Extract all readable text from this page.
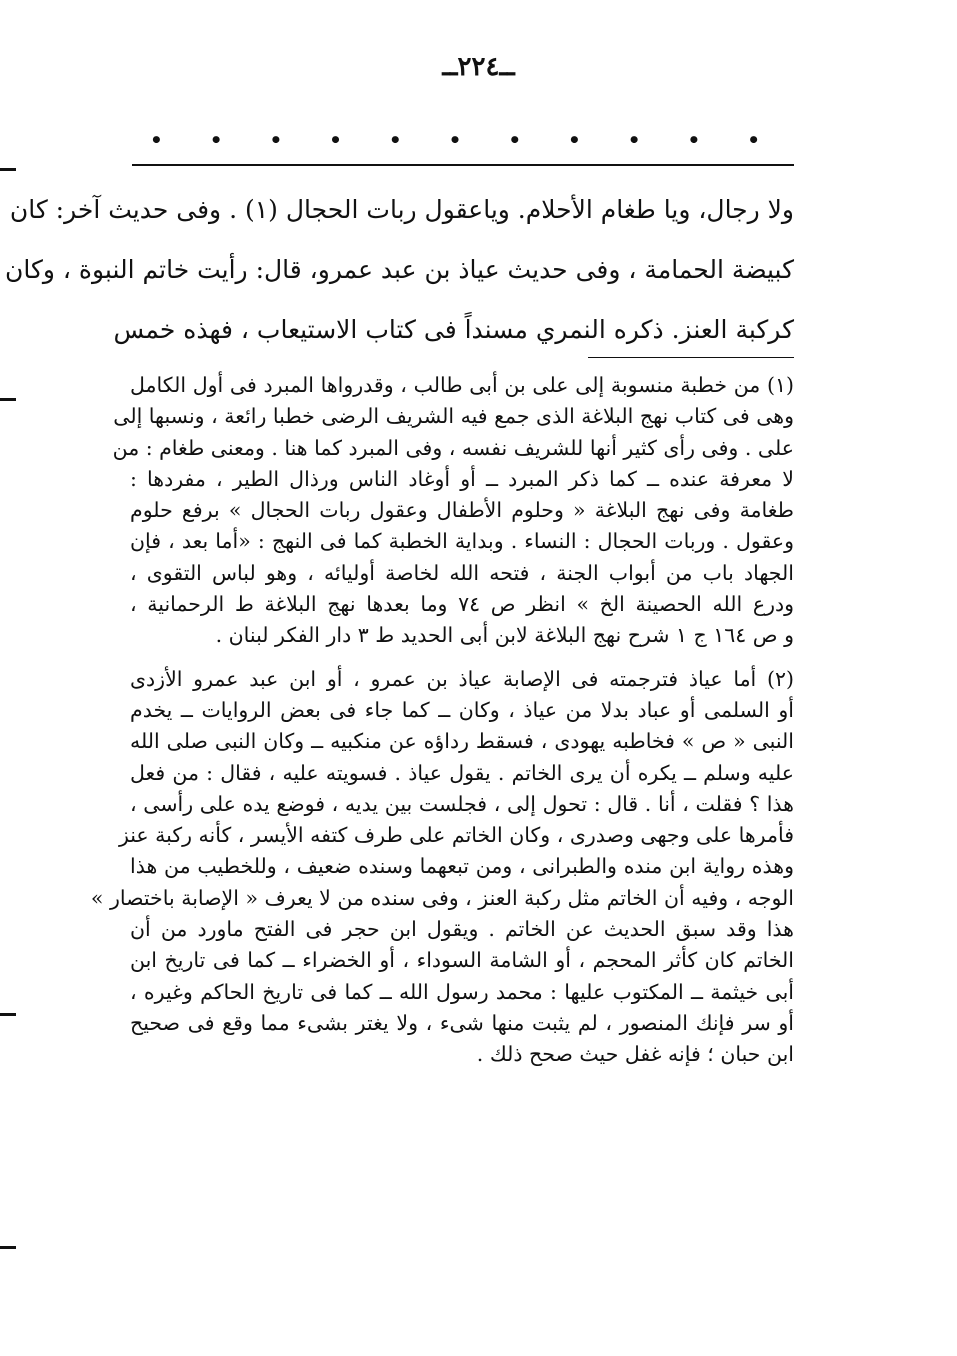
ــ٢٢٤ــ
•
•
•
•
•
•
•
•
•
•
•
ولا رجال، ويا طغام الأحلام. وياعقول ربات الحجال (١) . وفى حديث آخر: كان
كبيضة الحمامة ، وفى حديث عياذ بن عبد عمرو، قال: رأيت خاتم النبوة ، وكان
كركبة العنز. ذكره النمري مسنداً فى كتاب الاستيعاب ، فهذه خمس
(١) من خطبة منسوبة إلى على بن أبى طالب ، وقدرواها المبرد فى أول الكامل
وهى فى كتاب نهج البلاغة الذى جمع فيه الشريف الرضى خطبا رائعة ، ونسبها إلى
على . وفى رأى كثير أنها للشريف نفسه ، وفى المبرد كما هنا . ومعنى طغام : من
لا معرفة عنده ــ كما ذكر المبرد ــ أو أوغاد الناس ورذال الطير ، مفردها :
طغامة وفى نهج البلاغة « وحلوم الأطفال وعقول ربات الحجال » برفع حلوم
وعقول . وربات الحجال : النساء . وبداية الخطبة كما فى النهج : «أما بعد ، فإن
الجهاد باب من أبواب الجنة ، فتحه الله لخاصة أوليائه ، وهو لباس التقوى ،
ودرع الله الحصينة الخ » انظر ص ٧٤ وما بعدها نهج البلاغة ط الرحمانية ،
و ص ١٦٤ ج ١ شرح نهج البلاغة لابن أبى الحديد ط ٣ دار الفكر لبنان .
(٢) أما عياذ فترجمته فى الإصابة عياذ بن عمرو ، أو ابن عبد عمرو الأزدى
أو السلمى أو عباد بدلا من عياذ ، وكان ــ كما جاء فى بعض الروايات ــ يخدم
النبى « ص » فخاطبه يهودى ، فسقط رداؤه عن منكبيه ــ وكان النبى صلى الله
عليه وسلم ــ يكره أن يرى الخاتم . يقول عياذ . فسويته عليه ، فقال : من فعل
هذا ؟ فقلت ، أنا . قال : تحول إلى ، فجلست بين يديه ، فوضع يده على رأسى ،
فأمرها على وجهى وصدرى ، وكان الخاتم على طرف كتفه الأيسر ، كأنه ركبة عنز
وهذه رواية ابن منده والطبرانى ، ومن تبعهما وسنده ضعيف ، وللخطيب من هذا
الوجه ، وفيه أن الخاتم مثل ركبة العنز ، وفى سنده من لا يعرف « الإصابة باختصار »
هذا وقد سبق الحديث عن الخاتم . ويقول ابن حجر فى الفتح ماورد من أن
الخاتم كان كأثر المحجم ، أو الشامة السوداء ، أو الخضراء ــ كما فى تاريخ ابن
أبى خيثمة ــ المكتوب عليها : محمد رسول الله ــ كما فى تاريخ الحاكم وغيره ،
أو سر فإنك المنصور ، لم يثبت منها شىء ، ولا يغتر بشىء مما وقع فى صحيح
ابن حبان ؛ فإنه غفل حيث صحح ذلك .
